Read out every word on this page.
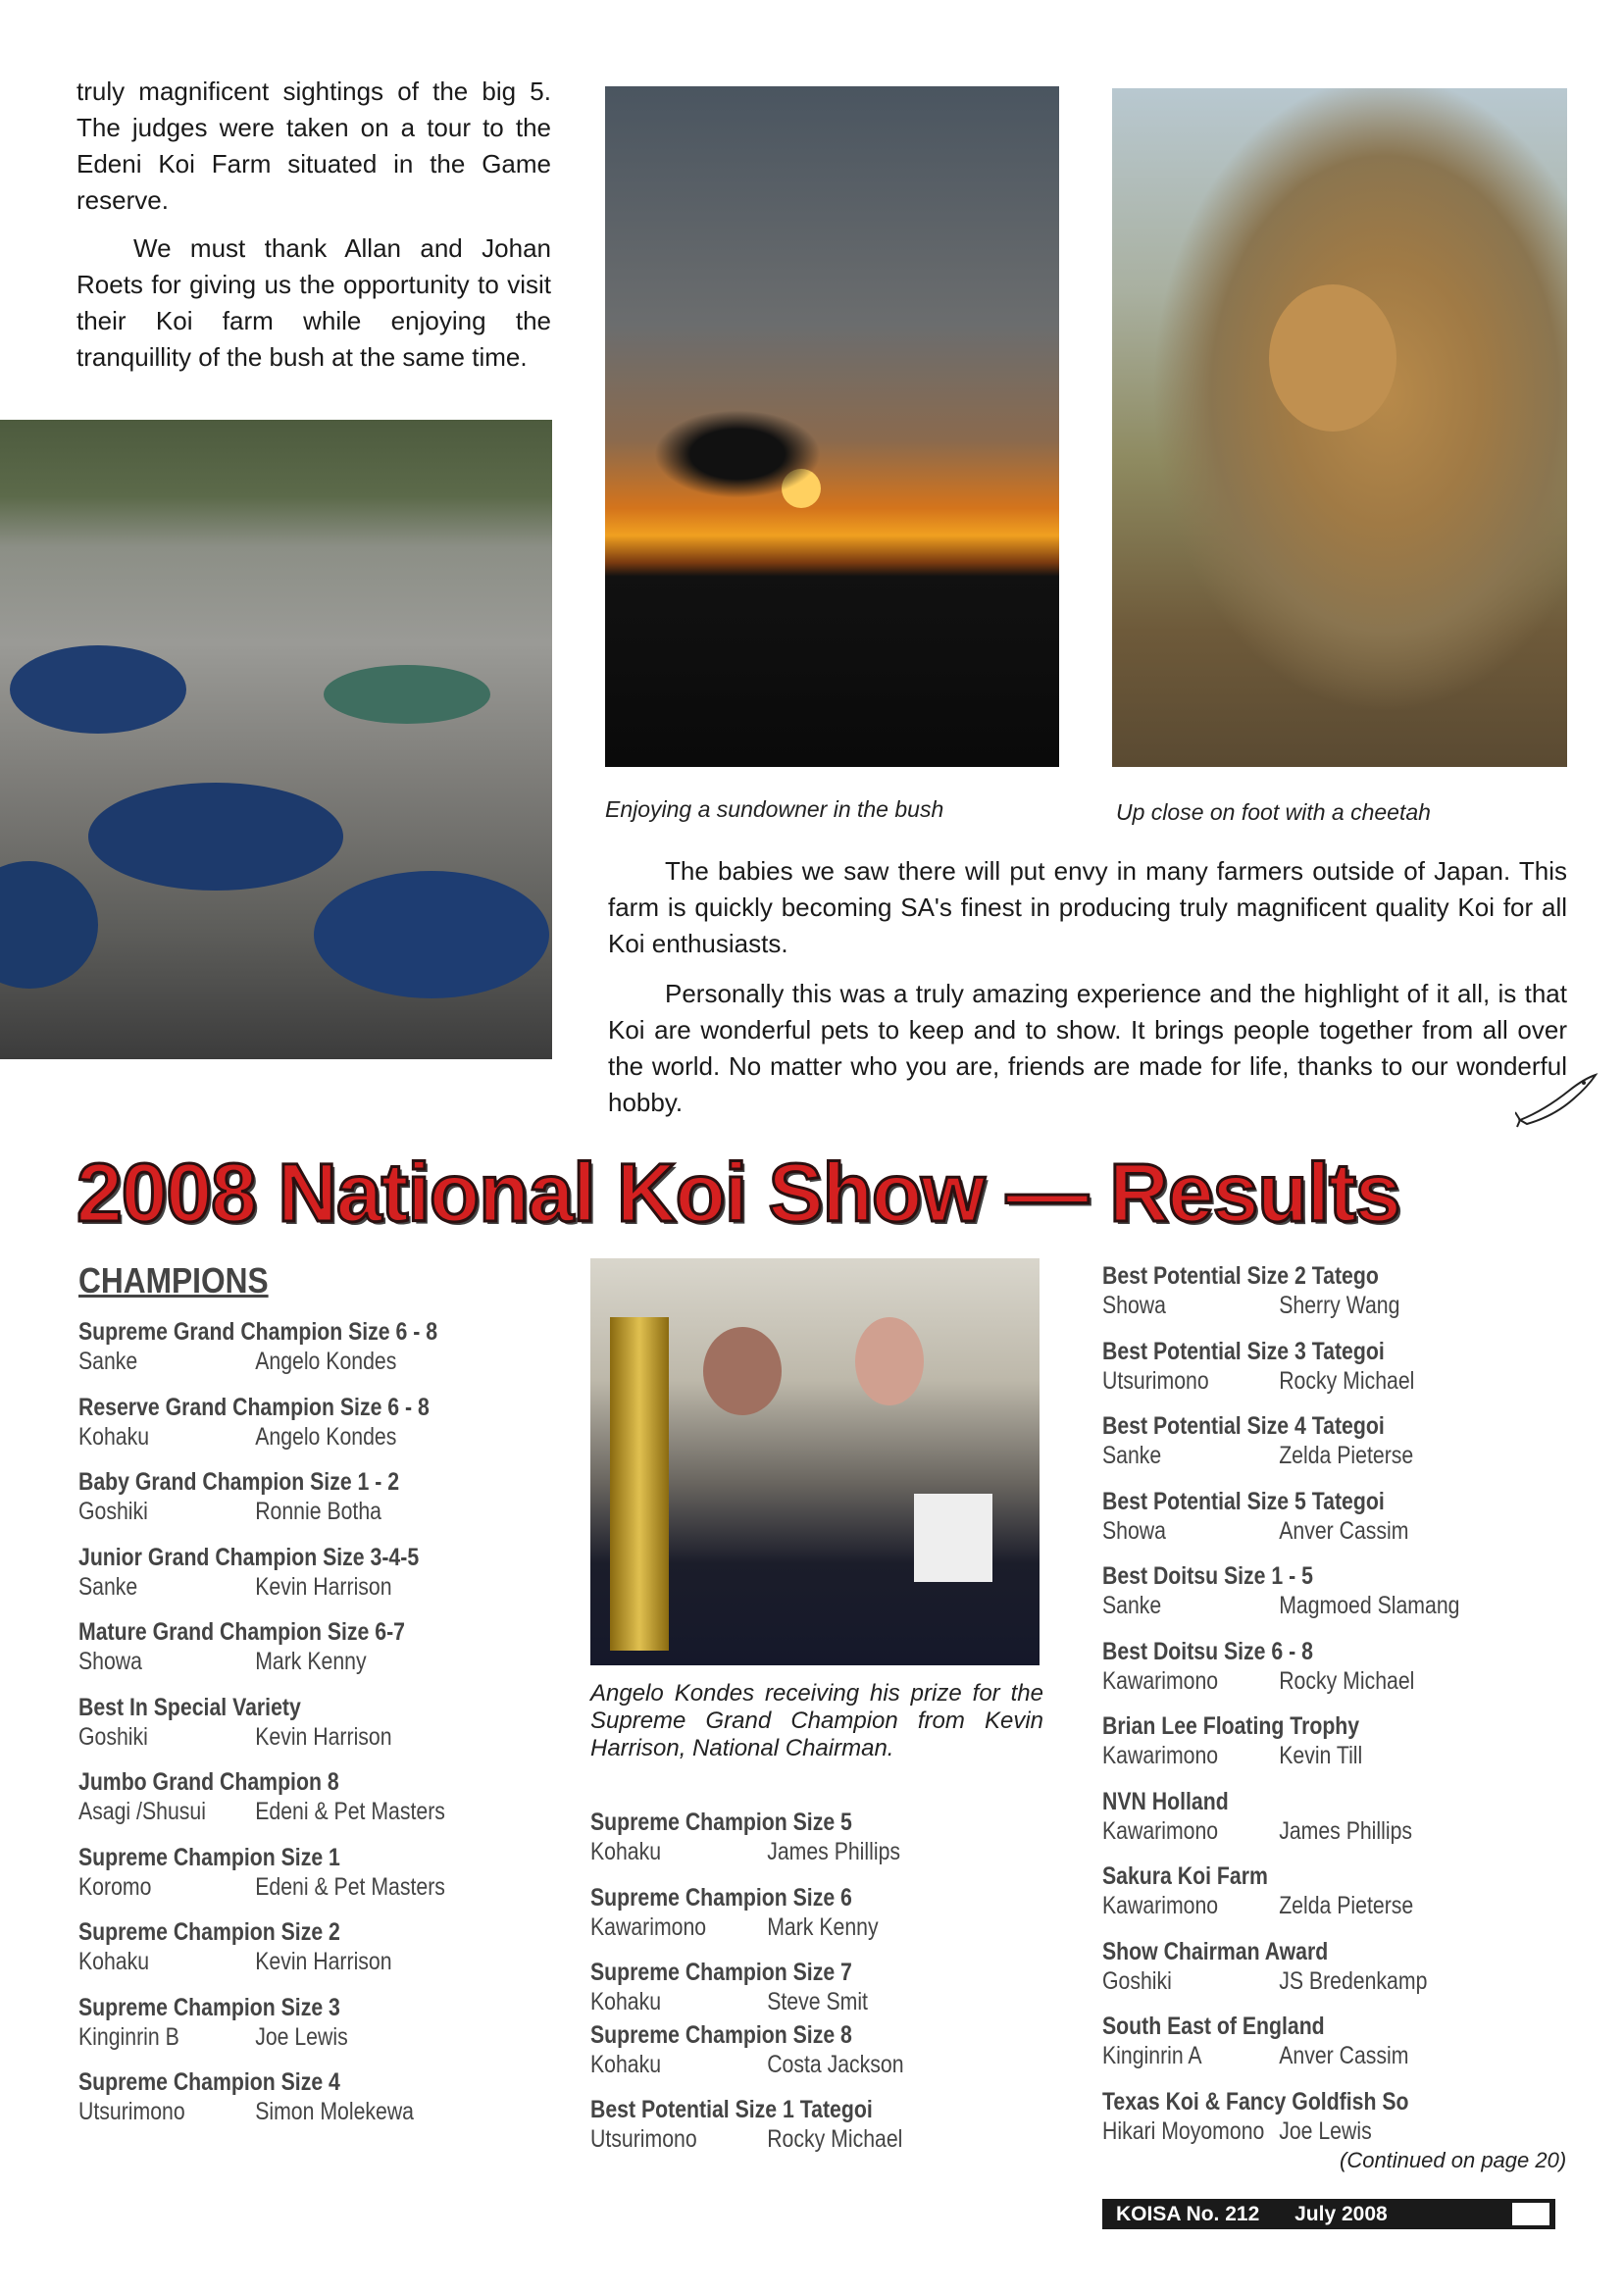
truly magnificent sightings of the big 5. The judges were taken on a tour to the Edeni Koi Farm situated in the Game reserve.

We must thank Allan and Johan Roets for giving us the opportunity to visit their Koi farm while enjoying the tranquillity of the bush at the same time.

Enjoying a sundowner in the bush	Up close on foot with a cheetah

The babies we saw there will put envy in many farmers outside of Japan. This farm is quickly becoming SA's finest in producing truly magnificent quality Koi for all Koi enthusiasts.

Personally this was a truly amazing experience and the highlight of it all, is that Koi are wonderful pets to keep and to show. It brings people together from all over the world. No matter who you are, friends are made for life, thanks to our wonderful hobby.

2008 National Koi Show — Results
CHAMPIONS
Supreme Grand Champion Size 6 - 8
Sanke	Angelo Kondes
Reserve Grand Champion Size 6 - 8
Kohaku	Angelo Kondes
Baby Grand Champion Size 1 - 2
Goshiki	Ronnie Botha
Junior Grand Champion Size 3-4-5
Sanke	Kevin Harrison
Mature Grand Champion Size 6-7
Showa	Mark Kenny
Best In Special Variety
Goshiki	Kevin Harrison
Jumbo Grand Champion 8
Asagi /Shusui Edeni & Pet Masters
Supreme Champion Size 1
Koromo	Edeni & Pet Masters
Supreme Champion Size 2
Kohaku	Kevin Harrison
Supreme Champion Size 3
Kinginrin B	Joe Lewis
Supreme Champion Size 4
Utsurimono	Simon Molekewa
Angelo Kondes receiving his prize for the Supreme Grand Champion from Kevin Harrison, National Chairman.
Supreme Champion Size 5
Kohaku	James Phillips
Supreme Champion Size 6
Kawarimono Mark Kenny
Supreme Champion Size 7
Kohaku	Steve Smit
Supreme Champion Size 8
Kohaku	Costa Jackson
Best Potential Size 1 Tategoi
Utsurimono	Rocky Michael
Best Potential Size 2 Tatego
Showa	Sherry Wang
Best Potential Size 3 Tategoi
Utsurimono	Rocky Michael
Best Potential Size 4 Tategoi
Sanke	Zelda Pieterse
Best Potential Size 5 Tategoi
Showa	Anver Cassim
Best Doitsu Size 1 - 5
Sanke	Magmoed Slamang
Best Doitsu Size 6 - 8
Kawarimono Rocky Michael
Brian Lee Floating Trophy
Kawarimono Kevin Till
NVN Holland
Kawarimono James Phillips
Sakura Koi Farm
Kawarimono Zelda Pieterse
Show Chairman Award
Goshiki	JS Bredenkamp
South East of England
Kinginrin A	Anver Cassim
Texas Koi & Fancy Goldfish So
Hikari Moyomono Joe Lewis
(Continued on page 20)
KOISA No. 212 July 2008
